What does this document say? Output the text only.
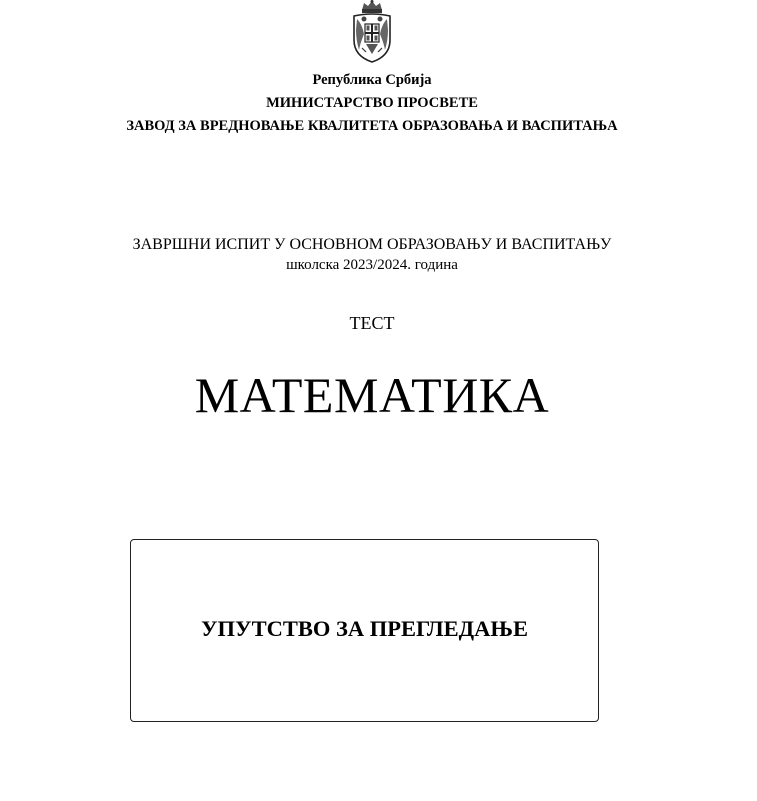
Република Србија
МИНИСТАРСТВО ПРОСВЕТЕ
ЗАВОД ЗА ВРЕДНОВАЊЕ КВАЛИТЕТА ОБРАЗОВАЊА И ВАСПИТАЊА
ЗАВРШНИ ИСПИТ У ОСНОВНОМ ОБРАЗОВАЊУ И ВАСПИТАЊУ
школска 2023/2024. година
ТЕСТ
МАТЕМАТИКА
УПУТСТВО ЗА ПРЕГЛЕДАЊЕ
